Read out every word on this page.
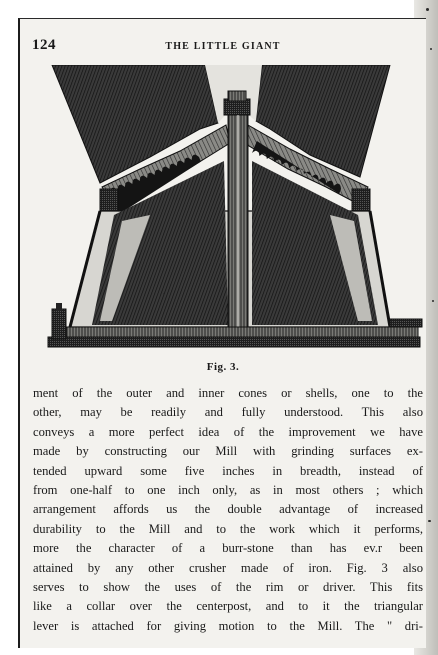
124	THE LITTLE GIANT
Fig. 3.
ment of the outer and inner cones or shells, one to the
other, may be readily and fully understood. This also
conveys a more perfect idea of the improvement we have
made by constructing our Mill with grinding surfaces ex-
tended upward some five inches in breadth, instead of
from one-half to one inch only, as in most others ; which
arrangement affords us the double advantage of increased
durability to the Mill and to the work which it performs,
more the character of a burr-stone than has ev.r been
attained by any other crusher made of iron. Fig. 3 also
serves to show the uses of the rim or driver. This fits
like a collar over the centerpost, and to it the triangular
lever is attached for giving motion to the Mill. The " dri-
